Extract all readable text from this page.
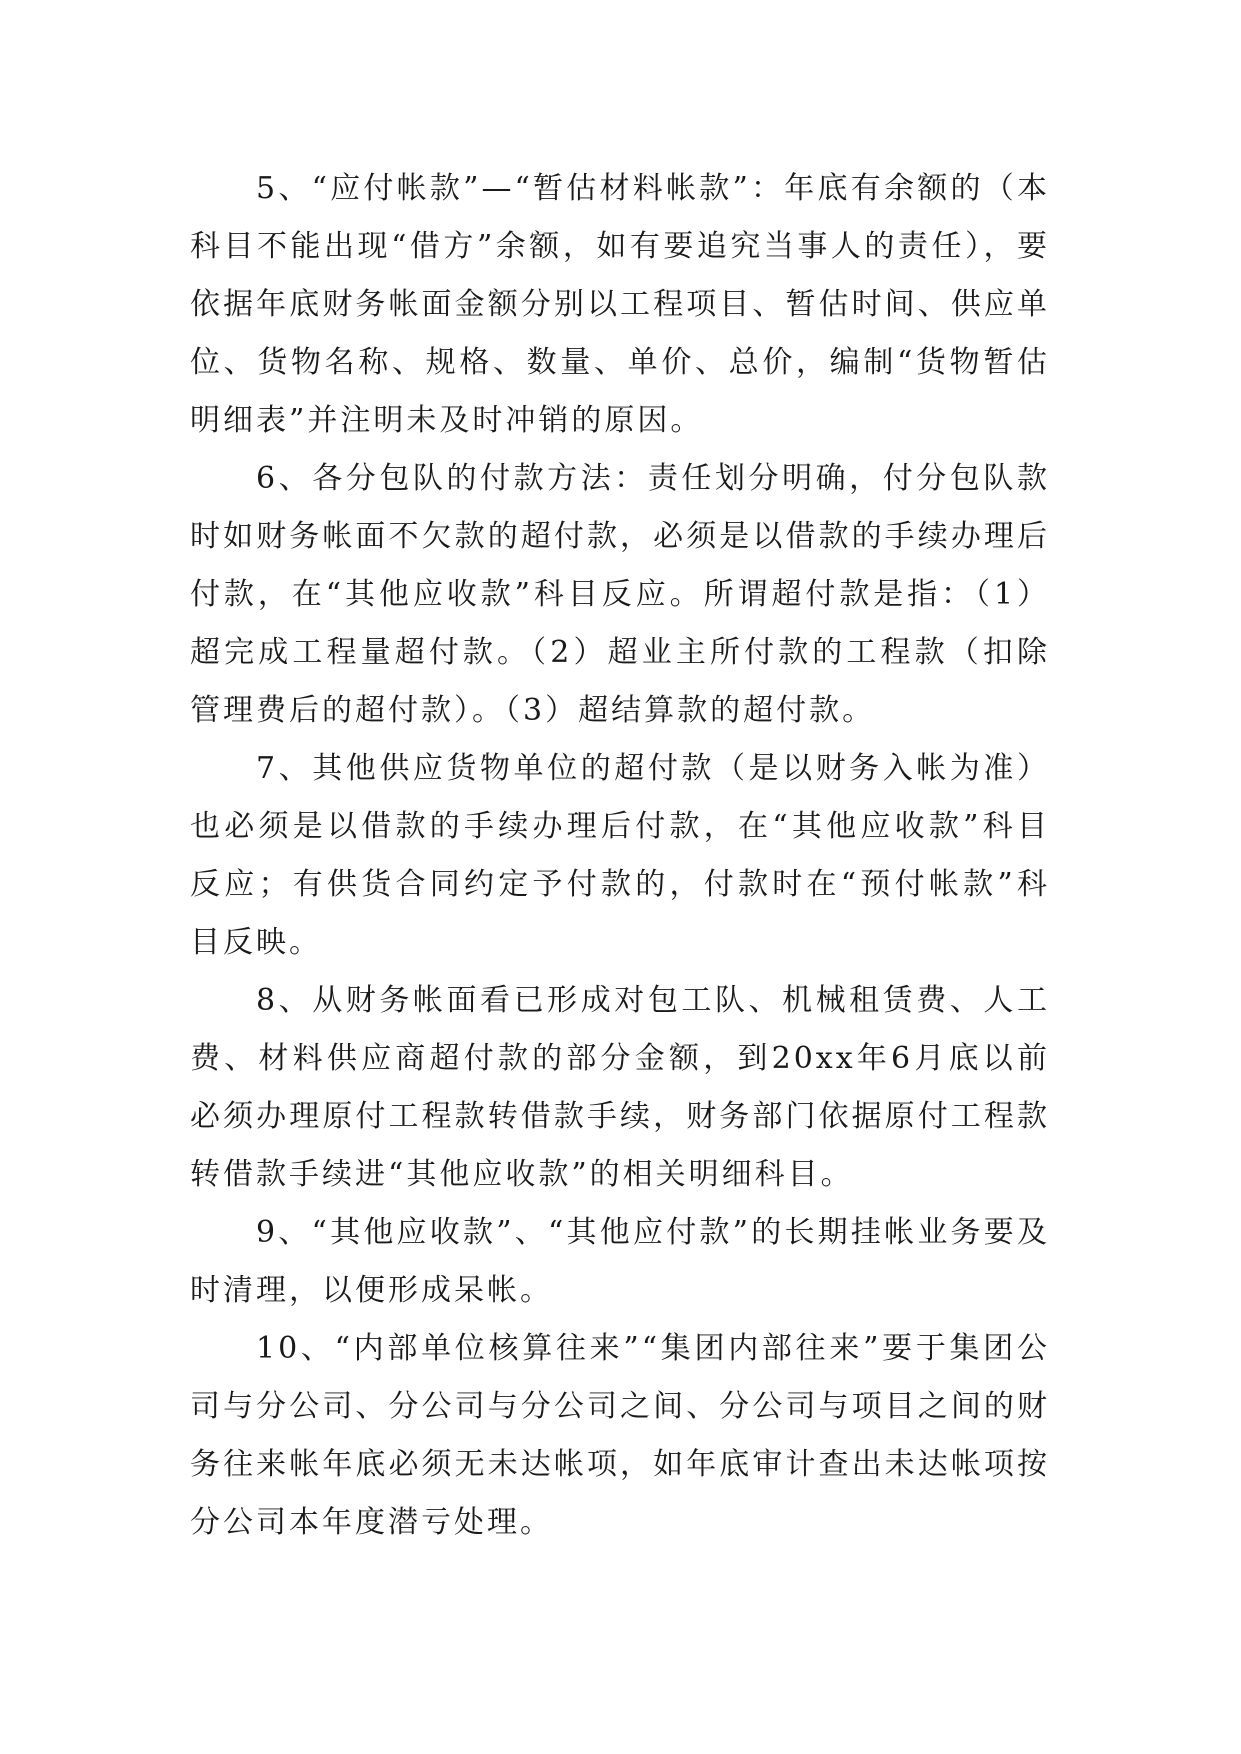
5、“应付帐款”—“暂估材料帐款”：年底有余额的（本科目不能出现“借方”余额，如有要追究当事人的责任），要依据年底财务帐面金额分别以工程项目、暂估时间、供应单位、货物名称、规格、数量、单价、总价，编制“货物暂估明细表”并注明未及时冲销的原因。

6、各分包队的付款方法：责任划分明确，付分包队款时如财务帐面不欠款的超付款，必须是以借款的手续办理后付款，在“其他应收款”科目反应。所谓超付款是指：（1）超完成工程量超付款。（2）超业主所付款的工程款（扣除管理费后的超付款）。（3）超结算款的超付款。

7、其他供应货物单位的超付款（是以财务入帐为准）也必须是以借款的手续办理后付款，在“其他应收款”科目反应；有供货合同约定予付款的，付款时在“预付帐款”科目反映。

8、从财务帐面看已形成对包工队、机械租赁费、人工费、材料供应商超付款的部分金额，到20xx年6月底以前必须办理原付工程款转借款手续，财务部门依据原付工程款转借款手续进“其他应收款”的相关明细科目。

9、“其他应收款”、“其他应付款”的长期挂帐业务要及时清理，以便形成呆帐。

10、“内部单位核算往来”“集团内部往来”要于集团公司与分公司、分公司与分公司之间、分公司与项目之间的财务往来帐年底必须无未达帐项，如年底审计查出未达帐项按分公司本年度潜亏处理。
